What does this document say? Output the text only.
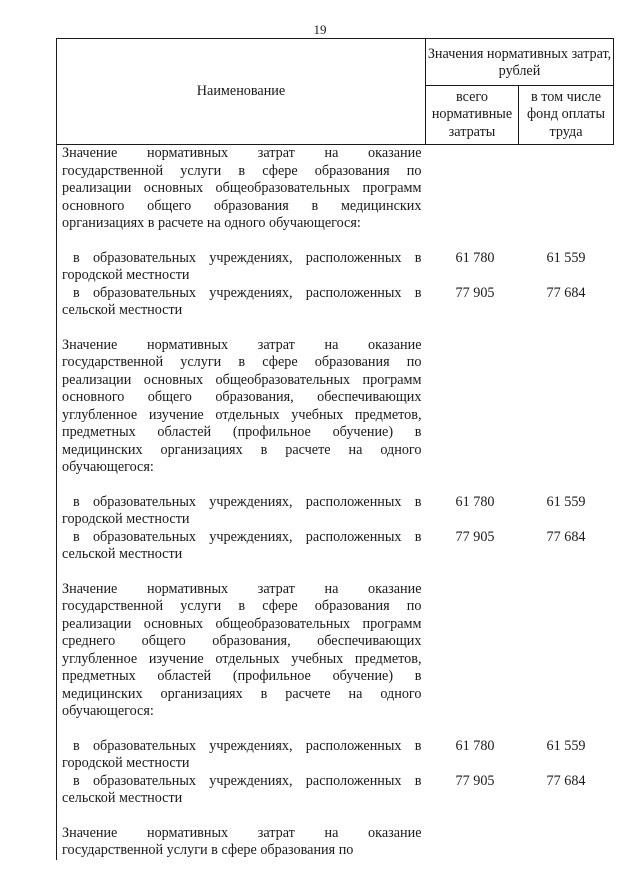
19
Наименование	Значения нормативных затрат, рублей	
	всего нормативные затраты	в том числе фонд оплаты труда
Значение нормативных затрат на оказание государственной услуги в сфере образования по реализации основных общеобразовательных программ основного общего образования в медицинских организациях в расчете на одного обучающегося:		

в образовательных учреждениях, расположенных в городской местности	61 780	61 559

в образовательных учреждениях, расположенных в сельской местности	77 905	77 684

Значение нормативных затрат на оказание государственной услуги в сфере образования по реализации основных общеобразовательных программ основного общего образования, обеспечивающих углубленное изучение отдельных учебных предметов, предметных областей (профильное обучение) в медицинских организациях в расчете на одного обучающегося:		

в образовательных учреждениях, расположенных в городской местности	61 780	61 559

в образовательных учреждениях, расположенных в сельской местности	77 905	77 684

Значение нормативных затрат на оказание государственной услуги в сфере образования по реализации основных общеобразовательных программ среднего общего образования, обеспечивающих углубленное изучение отдельных учебных предметов, предметных областей (профильное обучение) в медицинских организациях в расчете на одного обучающегося:		

в образовательных учреждениях, расположенных в городской местности	61 780	61 559

в образовательных учреждениях, расположенных в сельской местности	77 905	77 684

Значение нормативных затрат на оказание государственной услуги в сфере образования по		
